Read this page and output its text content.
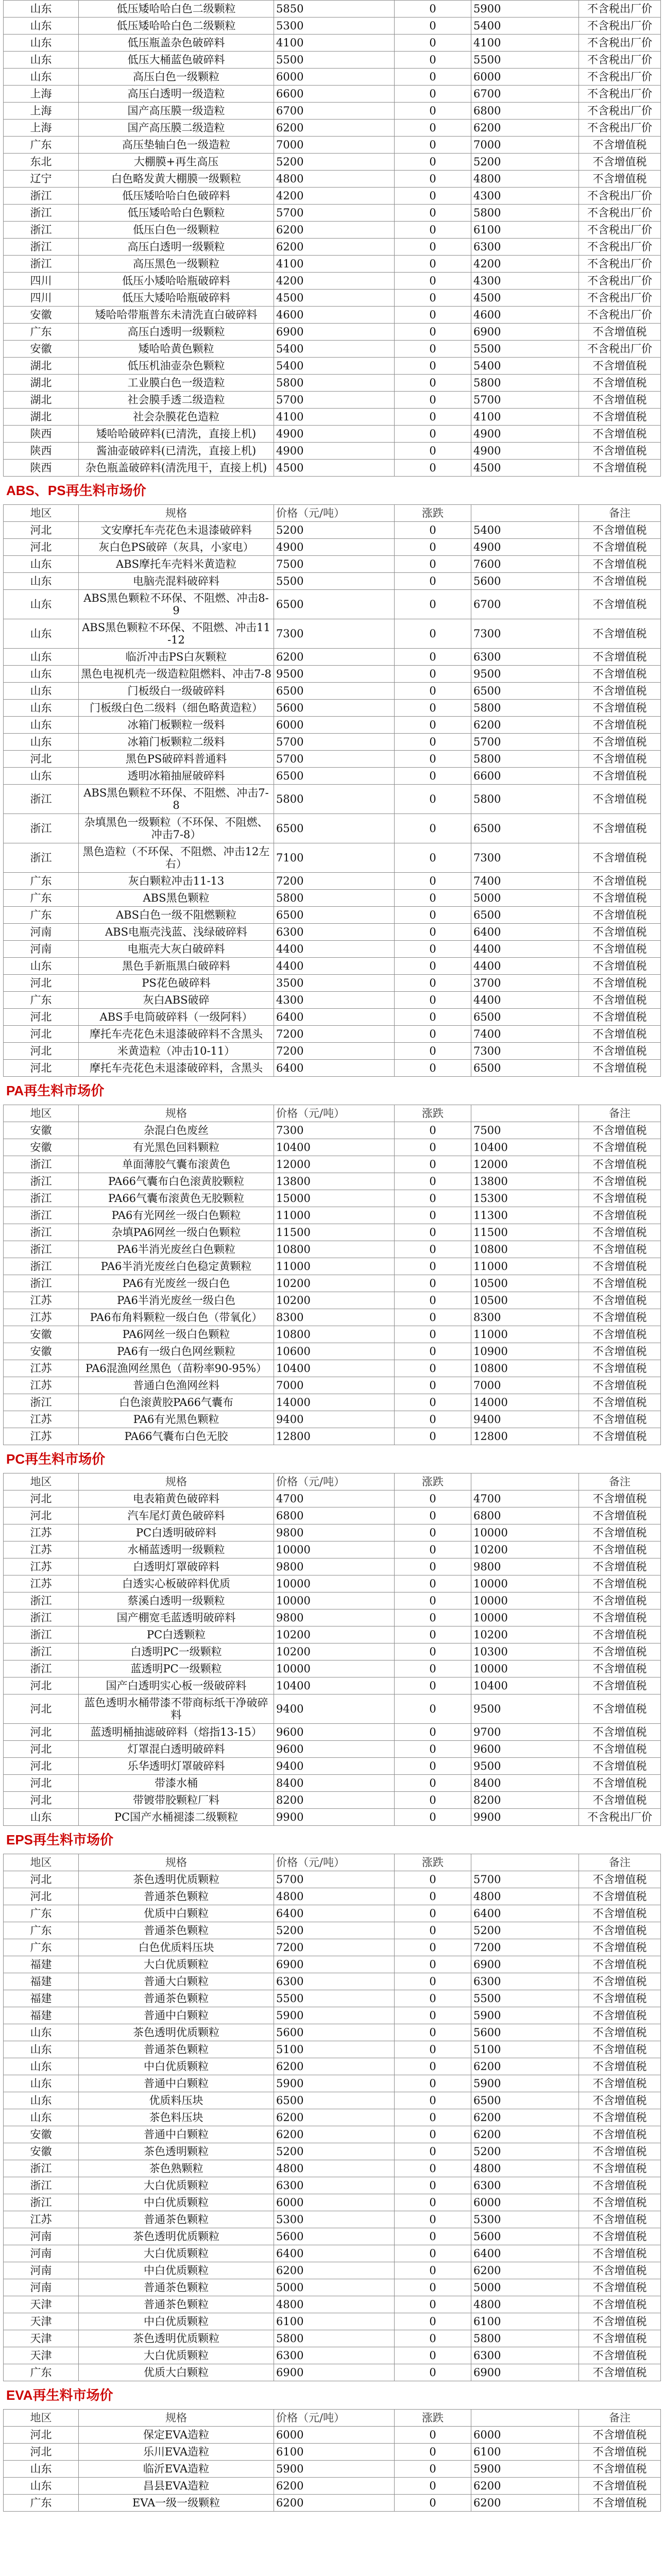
山东	低压矮哈哈白色二级颗粒	5850	0	5900	不含税出厂价
山东	低压矮哈哈白色二级颗粒	5300	0	5400	不含税出厂价
山东	低压瓶盖杂色破碎料	4100	0	4100	不含税出厂价
山东	低压大桶蓝色破碎料	5500	0	5500	不含税出厂价
山东	高压白色一级颗粒	6000	0	6000	不含税出厂价
上海	高压白透明一级造粒	6600	0	6700	不含税出厂价
上海	国产高压膜一级造粒	6700	0	6800	不含税出厂价
上海	国产高压膜二级造粒	6200	0	6200	不含税出厂价
广东	高压垫轴白色一级造粒	7000	0	7000	不含增值税
东北	大棚膜+再生高压	5200	0	5200	不含增值税
辽宁	白色略发黄大棚膜一级颗粒	4800	0	4800	不含增值税
浙江	低压矮哈哈白色破碎料	4200	0	4300	不含税出厂价
浙江	低压矮哈哈白色颗粒	5700	0	5800	不含税出厂价
浙江	低压白色一级颗粒	6200	0	6100	不含税出厂价
浙江	高压白透明一级颗粒	6200	0	6300	不含税出厂价
浙江	高压黑色一级颗粒	4100	0	4200	不含税出厂价
四川	低压小矮哈哈瓶破碎料	4200	0	4300	不含税出厂价
四川	低压大矮哈哈瓶破碎料	4500	0	4500	不含税出厂价
安徽	矮哈哈带瓶普东未清洗直白破碎料	4600	0	4600	不含税出厂价
广东	高压白透明一级颗粒	6900	0	6900	不含增值税
安徽	矮哈哈黄色颗粒	5400	0	5500	不含税出厂价
湖北	低压机油壶杂色颗粒	5400	0	5400	不含增值税
湖北	工业膜白色一级造粒	5800	0	5800	不含增值税
湖北	社会膜手透二级造粒	5700	0	5700	不含增值税
湖北	社会杂膜花色造粒	4100	0	4100	不含增值税
陕西	矮哈哈破碎料(已清洗，直接上机)	4900	0	4900	不含增值税
陕西	酱油壶破碎料(已清洗，直接上机)	4900	0	4900	不含增值税
陕西	杂色瓶盖破碎料(清洗甩干，直接上机)	4500	0	4500	不含增值税
ABS、PS再生料市场价
地区	规格	价格（元/吨）	涨跌		备注
河北	文安摩托车壳花色未退漆破碎料	5200	0	5400	不含增值税
河北	灰白色PS破碎（灰具，小家电）	4900	0	4900	不含增值税
山东	ABS摩托车壳料米黄造粒	7500	0	7600	不含增值税
山东	电脑壳混料破碎料	5500	0	5600	不含增值税
山东	ABS黑色颗粒不环保、不阻燃、冲击8-9	6500	0	6700	不含增值税
山东	ABS黑色颗粒不环保、不阻燃、冲击11-12	7300	0	7300	不含增值税
山东	临沂冲击PS白灰颗粒	6200	0	6300	不含增值税
山东	黑色电视机壳一级造粒阻燃料、冲击7-8	9500	0	9500	不含增值税
山东	门板级白一级破碎料	6500	0	6500	不含增值税
山东	门板级白色二级料（细色略黄造粒）	5600	0	5800	不含增值税
山东	冰箱门板颗粒一级料	6000	0	6200	不含增值税
山东	冰箱门板颗粒二级料	5700	0	5700	不含增值税
河北	黑色PS破碎料普通料	5700	0	5800	不含增值税
山东	透明冰箱抽屉破碎料	6500	0	6600	不含增值税
浙江	ABS黑色颗粒不环保、不阻燃、冲击7-8	5800	0	5800	不含增值税
浙江	杂填黑色一级颗粒（不环保、不阻燃、冲击7-8）	6500	0	6500	不含增值税
浙江	黑色造粒（不环保、不阻燃、冲击12左右）	7100	0	7300	不含增值税
广东	灰白颗粒冲击11-13	7200	0	7400	不含增值税
广东	ABS黑色颗粒	5800	0	5000	不含增值税
广东	ABS白色一级不阻燃颗粒	6500	0	6500	不含增值税
河南	ABS电瓶壳浅蓝、浅绿破碎料	6300	0	6400	不含增值税
河南	电瓶壳大灰白破碎料	4400	0	4400	不含增值税
山东	黑色手新瓶黑白破碎料	4400	0	4400	不含增值税
河北	PS花色破碎料	3500	0	3700	不含增值税
广东	灰白ABS破碎	4300	0	4400	不含增值税
河北	ABS手电筒破碎料（一级阿料）	6400	0	6500	不含增值税
河北	摩托车壳花色未退漆破碎料不含黑头	7200	0	7400	不含增值税
河北	米黄造粒（冲击10-11）	7200	0	7300	不含增值税
河北	摩托车壳花色未退漆破碎料，含黑头	6400	0	6500	不含增值税
PA再生料市场价
地区	规格	价格（元/吨）	涨跌		备注
安徽	杂混白色废丝	7300	0	7500	不含增值税
安徽	有光黑色回料颗粒	10400	0	10400	不含增值税
浙江	单面薄胶气囊布滚黄色	12000	0	12000	不含增值税
浙江	PA66气囊布白色滚黄胶颗粒	13800	0	13800	不含增值税
浙江	PA66气囊布滚黄色无胶颗粒	15000	0	15300	不含增值税
浙江	PA6有光网丝一级白色颗粒	11000	0	11300	不含增值税
浙江	杂填PA6网丝一级白色颗粒	11500	0	11500	不含增值税
浙江	PA6半消光废丝白色颗粒	10800	0	10800	不含增值税
浙江	PA6半消光废丝白色稳定黄颗粒	11000	0	11000	不含增值税
浙江	PA6有光废丝一级白色	10200	0	10500	不含增值税
江苏	PA6半消光废丝一级白色	10200	0	10500	不含增值税
江苏	PA6布角料颗粒一级白色（带氧化）	8300	0	8300	不含增值税
安徽	PA6网丝一级白色颗粒	10800	0	11000	不含增值税
安徽	PA6有一级白色网丝颗粒	10600	0	10900	不含增值税
江苏	PA6混漁网丝黑色（苗粉率90-95%）	10400	0	10800	不含增值税
江苏	普通白色渔网丝料	7000	0	7000	不含增值税
浙江	白色滚黄胶PA66气囊布	14000	0	14000	不含增值税
江苏	PA6有光黑色颗粒	9400	0	9400	不含增值税
江苏	PA66气囊布白色无胶	12800	0	12800	不含增值税
PC再生料市场价
地区	规格	价格（元/吨）	涨跌		备注
河北	电表箱黄色破碎料	4700	0	4700	不含增值税
河北	汽车尾灯黄色破碎料	6800	0	6800	不含增值税
江苏	PC白透明破碎料	9800	0	10000	不含增值税
江苏	水桶蓝透明一级颗粒	10000	0	10200	不含增值税
江苏	白透明灯罩破碎料	9800	0	9800	不含增值税
江苏	白透实心板破碎料优质	10000	0	10000	不含增值税
浙江	蔡溪白透明一级颗粒	10000	0	10000	不含增值税
浙江	国产棚宽毛蓝透明破碎料	9800	0	10000	不含增值税
浙江	PC白透颗粒	10200	0	10200	不含增值税
浙江	白透明PC一级颗粒	10200	0	10300	不含增值税
浙江	蓝透明PC一级颗粒	10000	0	10000	不含增值税
河北	国产白透明实心板一级破碎料	10400	0	10400	不含增值税
河北	蓝色透明水桶带漆不带商标纸干净破碎料	9400	0	9500	不含增值税
河北	蓝透明桶抽滤破碎料（熔指13-15）	9600	0	9700	不含增值税
河北	灯罩混白透明破碎料	9600	0	9600	不含增值税
河北	乐华透明灯罩破碎料	9400	0	9500	不含增值税
河北	带漆水桶	8400	0	8400	不含增值税
河北	带镀带胶颗粒厂料	8200	0	8200	不含增值税
山东	PC国产水桶褪漆二级颗粒	9900	0	9900	不含税出厂价
EPS再生料市场价
地区	规格	价格（元/吨）	涨跌		备注
河北	茶色透明优质颗粒	5700	0	5700	不含增值税
河北	普通茶色颗粒	4800	0	4800	不含增值税
广东	优质中白颗粒	6400	0	6400	不含增值税
广东	普通茶色颗粒	5200	0	5200	不含增值税
广东	白色优质料压块	7200	0	7200	不含增值税
福建	大白优质颗粒	6900	0	6900	不含增值税
福建	普通大白颗粒	6300	0	6300	不含增值税
福建	普通茶色颗粒	5500	0	5500	不含增值税
福建	普通中白颗粒	5900	0	5900	不含增值税
山东	茶色透明优质颗粒	5600	0	5600	不含增值税
山东	普通茶色颗粒	5100	0	5100	不含增值税
山东	中白优质颗粒	6200	0	6200	不含增值税
山东	普通中白颗粒	5900	0	5900	不含增值税
山东	优质料压块	6500	0	6500	不含增值税
山东	茶色料压块	6200	0	6200	不含增值税
安徽	普通中白颗粒	6200	0	6200	不含增值税
安徽	茶色透明颗粒	5200	0	5200	不含增值税
浙江	茶色熟颗粒	4800	0	4800	不含增值税
浙江	大白优质颗粒	6300	0	6300	不含增值税
浙江	中白优质颗粒	6000	0	6000	不含增值税
江苏	普通茶色颗粒	5300	0	5300	不含增值税
河南	茶色透明优质颗粒	5600	0	5600	不含增值税
河南	大白优质颗粒	6400	0	6400	不含增值税
河南	中白优质颗粒	6200	0	6200	不含增值税
河南	普通茶色颗粒	5000	0	5000	不含增值税
天津	普通茶色颗粒	4800	0	4800	不含增值税
天津	中白优质颗粒	6100	0	6100	不含增值税
天津	茶色透明优质颗粒	5800	0	5800	不含增值税
天津	大白优质颗粒	6300	0	6300	不含增值税
广东	优质大白颗粒	6900	0	6900	不含增值税
EVA再生料市场价
地区	规格	价格（元/吨）	涨跌		备注
河北	保定EVA造粒	6000	0	6000	不含增值税
河北	乐川EVA造粒	6100	0	6100	不含增值税
山东	临沂EVA造粒	5900	0	5900	不含增值税
山东	昌县EVA造粒	6200	0	6200	不含增值税
广东	EVA一级一级颗粒	6200	0	6200	不含增值税
